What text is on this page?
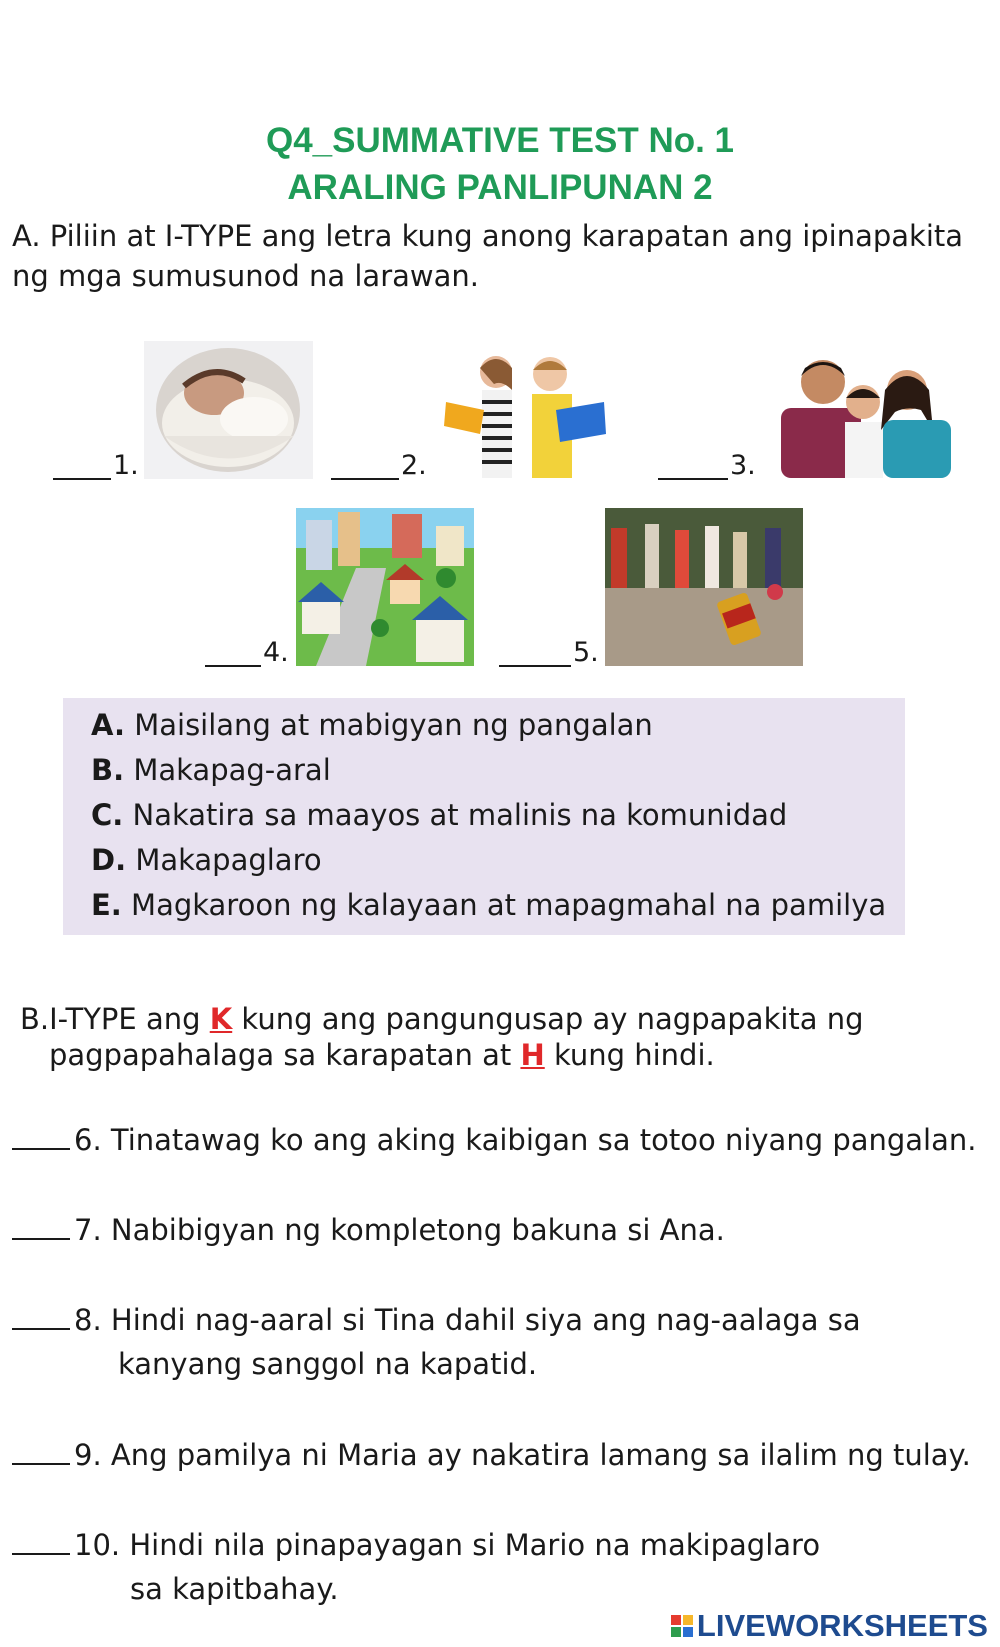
Q4_SUMMATIVE TEST No. 1
ARALING PANLIPUNAN 2
A. Piliin at I-TYPE ang letra kung anong karapatan ang ipinapakita
ng mga sumusunod na larawan.
1.	2.	3.
4.	5.
A. Maisilang at mabigyan ng pangalan
B. Makapag-aral
C. Nakatira sa maayos at malinis na komunidad
D. Makapaglaro
E. Magkaroon ng kalayaan at mapagmahal na pamilya
B.I-TYPE ang K kung ang pangungusap ay nagpapakita ng
pagpapahalaga sa karapatan at H kung hindi.
6. Tinatawag ko ang aking kaibigan sa totoo niyang pangalan.
7. Nabibigyan ng kompletong bakuna si Ana.
8. Hindi nag-aaral si Tina dahil siya ang nag-aalaga sa
kanyang sanggol na kapatid.
9. Ang pamilya ni Maria ay nakatira lamang sa ilalim ng tulay.
10. Hindi nila pinapayagan si Mario na makipaglaro
sa kapitbahay.
LIVEWORKSHEETS
